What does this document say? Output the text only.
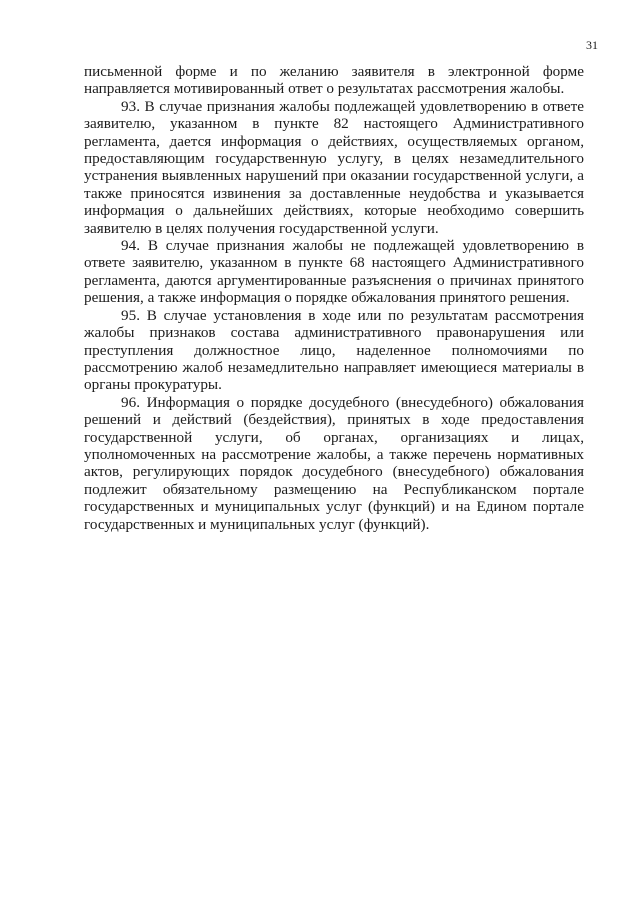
31

письменной форме и по желанию заявителя в электронной форме направляется мотивированный ответ о результатах рассмотрения жалобы.

93. В случае признания жалобы подлежащей удовлетворению в ответе заявителю, указанном в пункте 82 настоящего Административного регламента, дается информация о действиях, осуществляемых органом, предоставляющим государственную услугу, в целях незамедлительного устранения выявленных нарушений при оказании государственной услуги, а также приносятся извинения за доставленные неудобства и указывается информация о дальнейших действиях, которые необходимо совершить заявителю в целях получения государственной услуги.

94. В случае признания жалобы не подлежащей удовлетворению в ответе заявителю, указанном в пункте 68 настоящего Административного регламента, даются аргументированные разъяснения о причинах принятого решения, а также информация о порядке обжалования принятого решения.

95. В случае установления в ходе или по результатам рассмотрения жалобы признаков состава административного правонарушения или преступления должностное лицо, наделенное полномочиями по рассмотрению жалоб незамедлительно направляет имеющиеся материалы в органы прокуратуры.

96. Информация о порядке досудебного (внесудебного) обжалования решений и действий (бездействия), принятых в ходе предоставления государственной услуги, об органах, организациях и лицах, уполномоченных на рассмотрение жалобы, а также перечень нормативных актов, регулирующих порядок досудебного (внесудебного) обжалования подлежит обязательному размещению на Республиканском портале государственных и муниципальных услуг (функций) и на Едином портале государственных и муниципальных услуг (функций).
